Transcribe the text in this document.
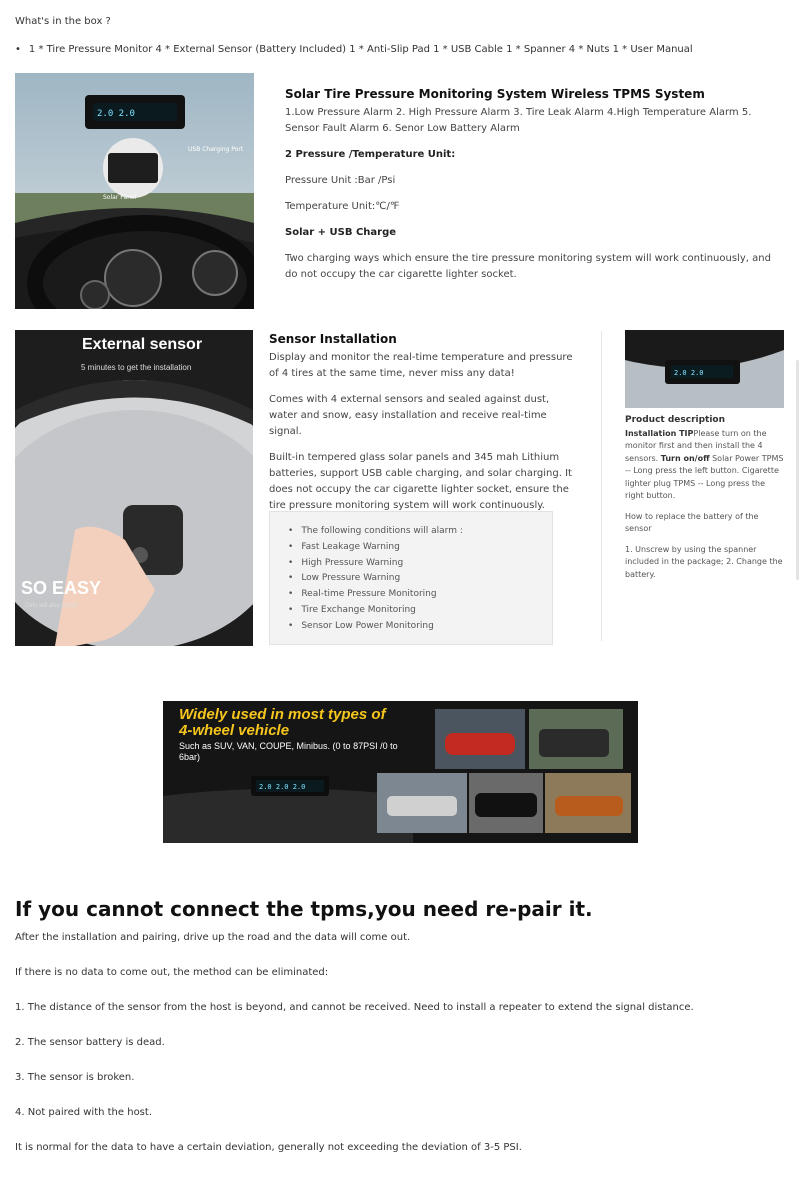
What's in the box ?
• 1 * Tire Pressure Monitor 4 * External Sensor (Battery Included) 1 * Anti-Slip Pad 1 * USB Cable 1 * Spanner 4 * Nuts 1 * User Manual
2.0 2.0
USB Charging Port
Solar Panel
Solar Tire Pressure Monitoring System Wireless TPMS System
1.Low Pressure Alarm 2. High Pressure Alarm 3. Tire Leak Alarm 4.High Temperature Alarm 5. Sensor Fault Alarm 6. Senor Low Battery Alarm
2 Pressure /Temperature Unit:
Pressure Unit :Bar /Psi
Temperature Unit:℃/℉
Solar + USB Charge
Two charging ways which ensure the tire pressure monitoring system will work continuously, and do not occupy the car cigarette lighter socket.
External sensor
5 minutes to get the installation
SO EASY
Girls will also install
Sensor Installation
Display and monitor the real-time temperature and pressure of 4 tires at the same time, never miss any data!
Comes with 4 external sensors and sealed against dust, water and snow, easy installation and receive real-time signal.
Built-in tempered glass solar panels and 345 mah Lithium batteries, support USB cable charging, and solar charging. It does not occupy the car cigarette lighter socket, ensure the tire pressure monitoring system will work continuously.
• The following conditions will alarm :
• Fast Leakage Warning
• High Pressure Warning
• Low Pressure Warning
• Real-time Pressure Monitoring
• Tire Exchange Monitoring
• Sensor Low Power Monitoring
2.0 2.0
Product description
Installation TIPPlease turn on the monitor first and then install the 4 sensors. Turn on/off Solar Power TPMS -- Long press the left button. Cigarette lighter plug TPMS -- Long press the right button.
How to replace the battery of the sensor
1. Unscrew by using the spanner included in the package; 2. Change the battery.
2.0 2.0 2.0
Widely used in most types of
4-wheel vehicle
Such as SUV, VAN, COUPE, Minibus. (0 to 87PSI /0 to 6bar)
If you cannot connect the tpms,you need re-pair it.
After the installation and pairing, drive up the road and the data will come out.
If there is no data to come out, the method can be eliminated:
1. The distance of the sensor from the host is beyond, and cannot be received. Need to install a repeater to extend the signal distance.
2. The sensor battery is dead.
3. The sensor is broken.
4. Not paired with the host.
It is normal for the data to have a certain deviation, generally not exceeding the deviation of 3-5 PSI.
